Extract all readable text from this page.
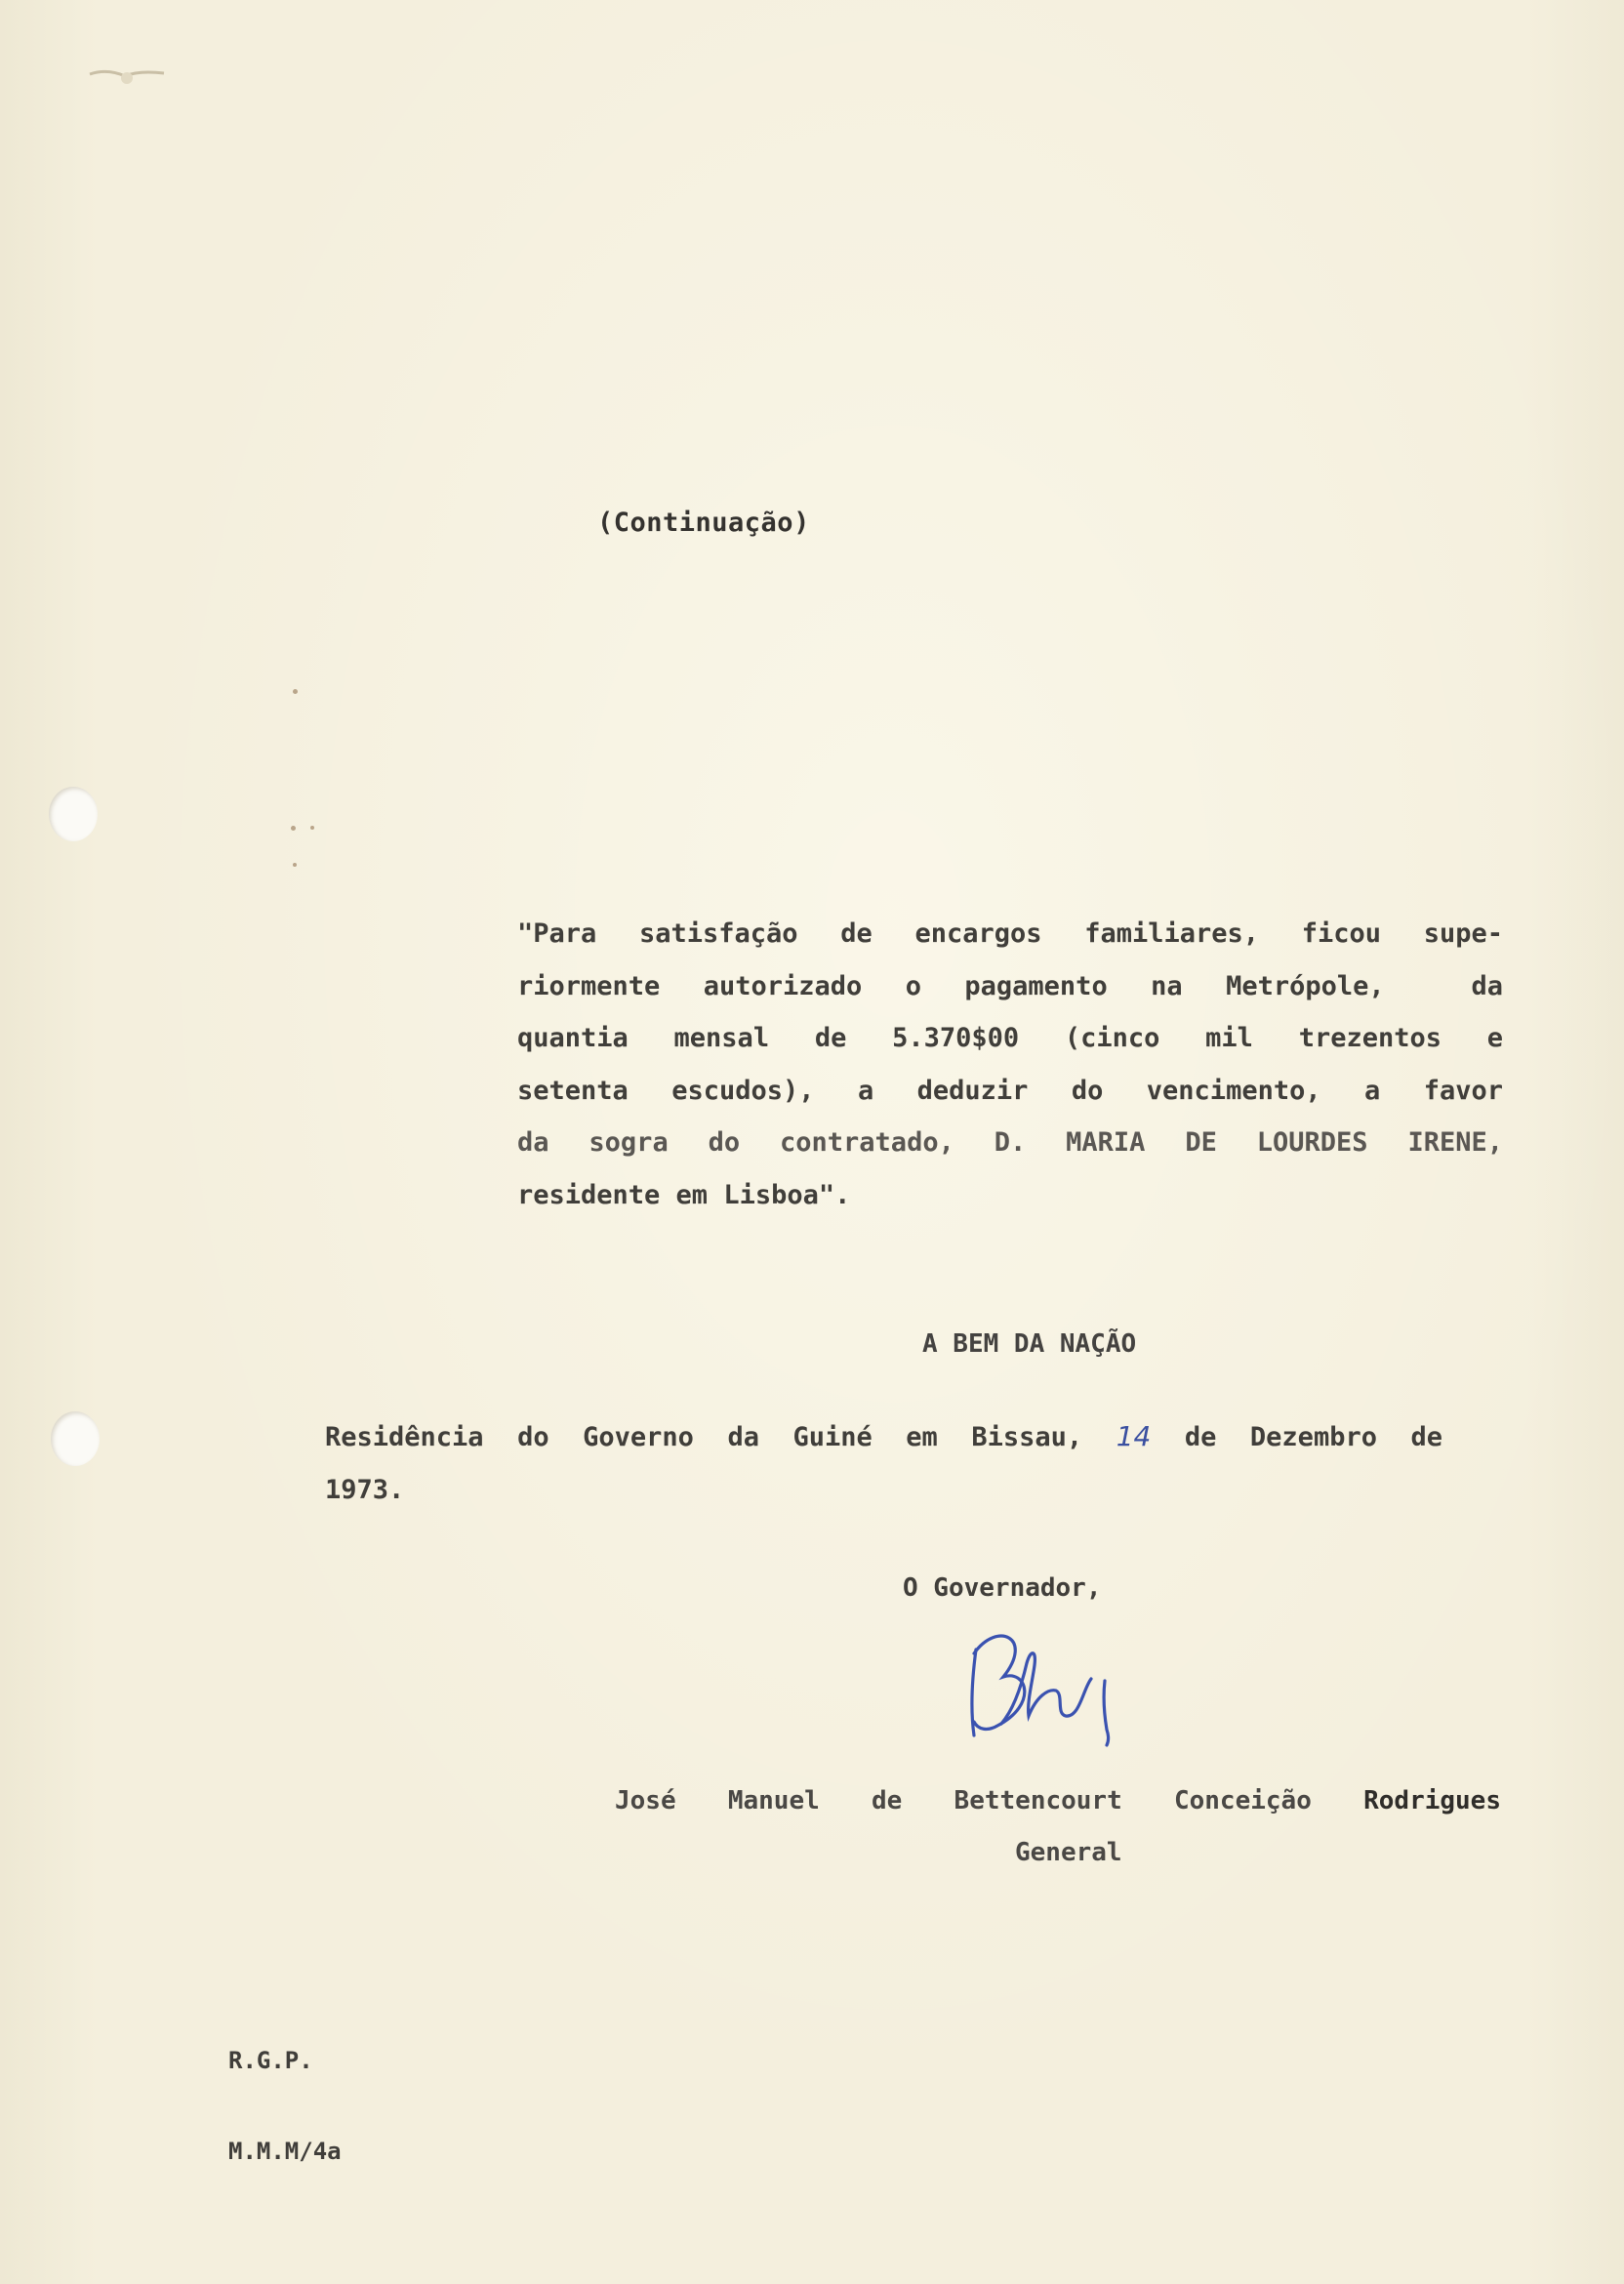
(Continuação)
"Para satisfação de encargos familiares, ficou supe-
riormente autorizado o pagamento na Metrópole,  da
quantia mensal de 5.370$00 (cinco mil trezentos e
setenta escudos), a deduzir do vencimento, a favor
da sogra do contratado, D. MARIA DE LOURDES IRENE,
residente em Lisboa".
A BEM DA NAÇÃO
Residência do Governo da Guiné em Bissau, 14 de Dezembro de
1973.
O Governador,
José Manuel de Bettencourt Conceição Rodrigues
General
R.G.P.
M.M.M/4a
